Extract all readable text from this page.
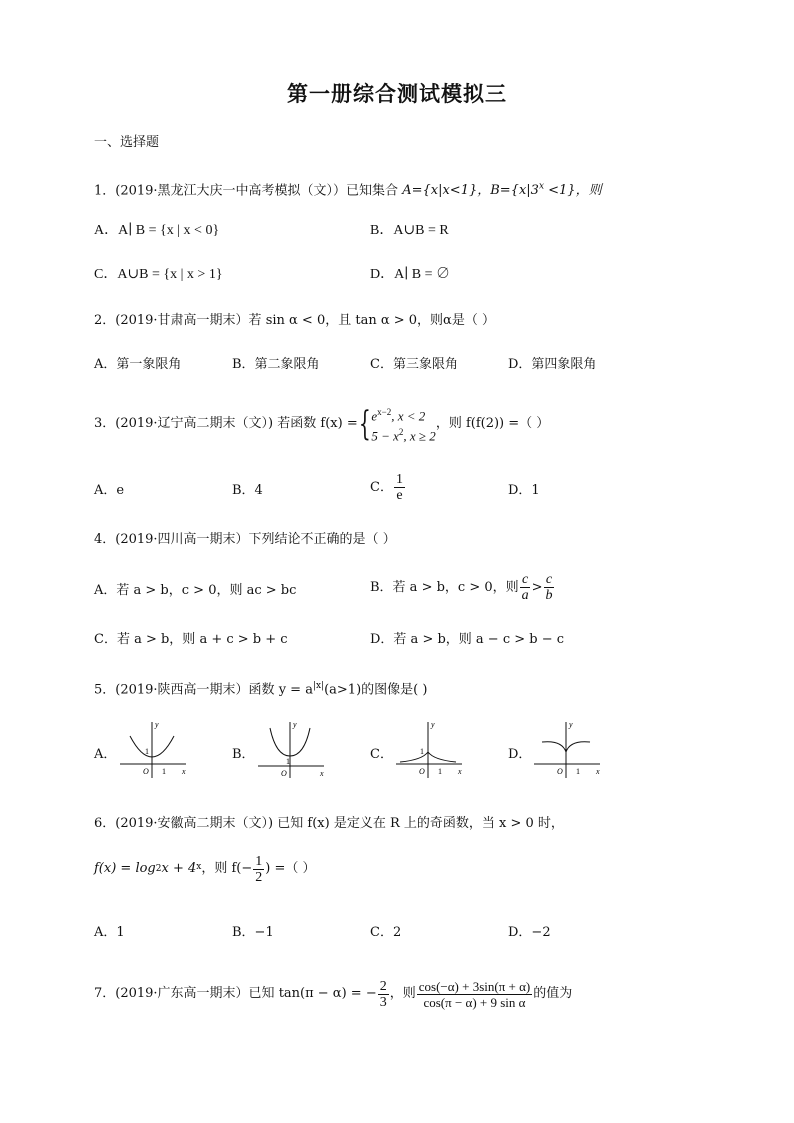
第一册综合测试模拟三
一、选择题
1．(2019·黑龙江大庆一中高考模拟（文））已知集合 A={x|x<1}，$B=\{x|3^x <1\}$，则
A．A∣ B = {x | x < 0}	B．A∪B = R
C．A∪B = {x | x > 1}	D．A∣ B = ∅
2．(2019·甘肃高一期末）若 sin α < 0，且 tan α > 0，则α是（ ）
A．第一象限角	B．第二象限角	C．第三象限角	D．第四象限角
3．(2019·辽宁高二期末（文）) 若函数 f(x) = { $e^{x-2}$, x < 2
$5 - x^2$, x ≥ 2
，则 f(f(2)) =（ ）
A．e	B．4	C． $\frac{1}{e}$	D．1
4．(2019·四川高一期末）下列结论不正确的是（ ）
A．若 a > b，c > 0，则 ac > bc	B．若 a > b，c > 0，则 $\frac{c}{a} > \frac{c}{b}$
C．若 a > b，则 a + c > b + c	D．若 a > b，则 a − c > b − c
5．(2019·陕西高一期末）函数 $y = a^{|x|}(a>1)$的图像是( )
A．	B．	C．	D．
y
x
O
1
1
y
x
O
1
y
x
O
1
1
y
x
O 1
6．(2019·安徽高二期末（文）) 已知 f(x) 是定义在 R 上的奇函数，当 x > 0 时，
f(x) = log 2 x + 4 x ，则 $f(- \frac{1}{2}$ ) =（ ）
A．1	B．−1	C．2	D．−2
7．(2019·广东高一期末）已知 tan(π − α) = − $\frac{2}{3}$ ，则 $\frac{\cos(-\alpha) + 3\sin(\pi + \alpha)}{\text{cos(π − α) + 9 sin α}}$ 的值为
